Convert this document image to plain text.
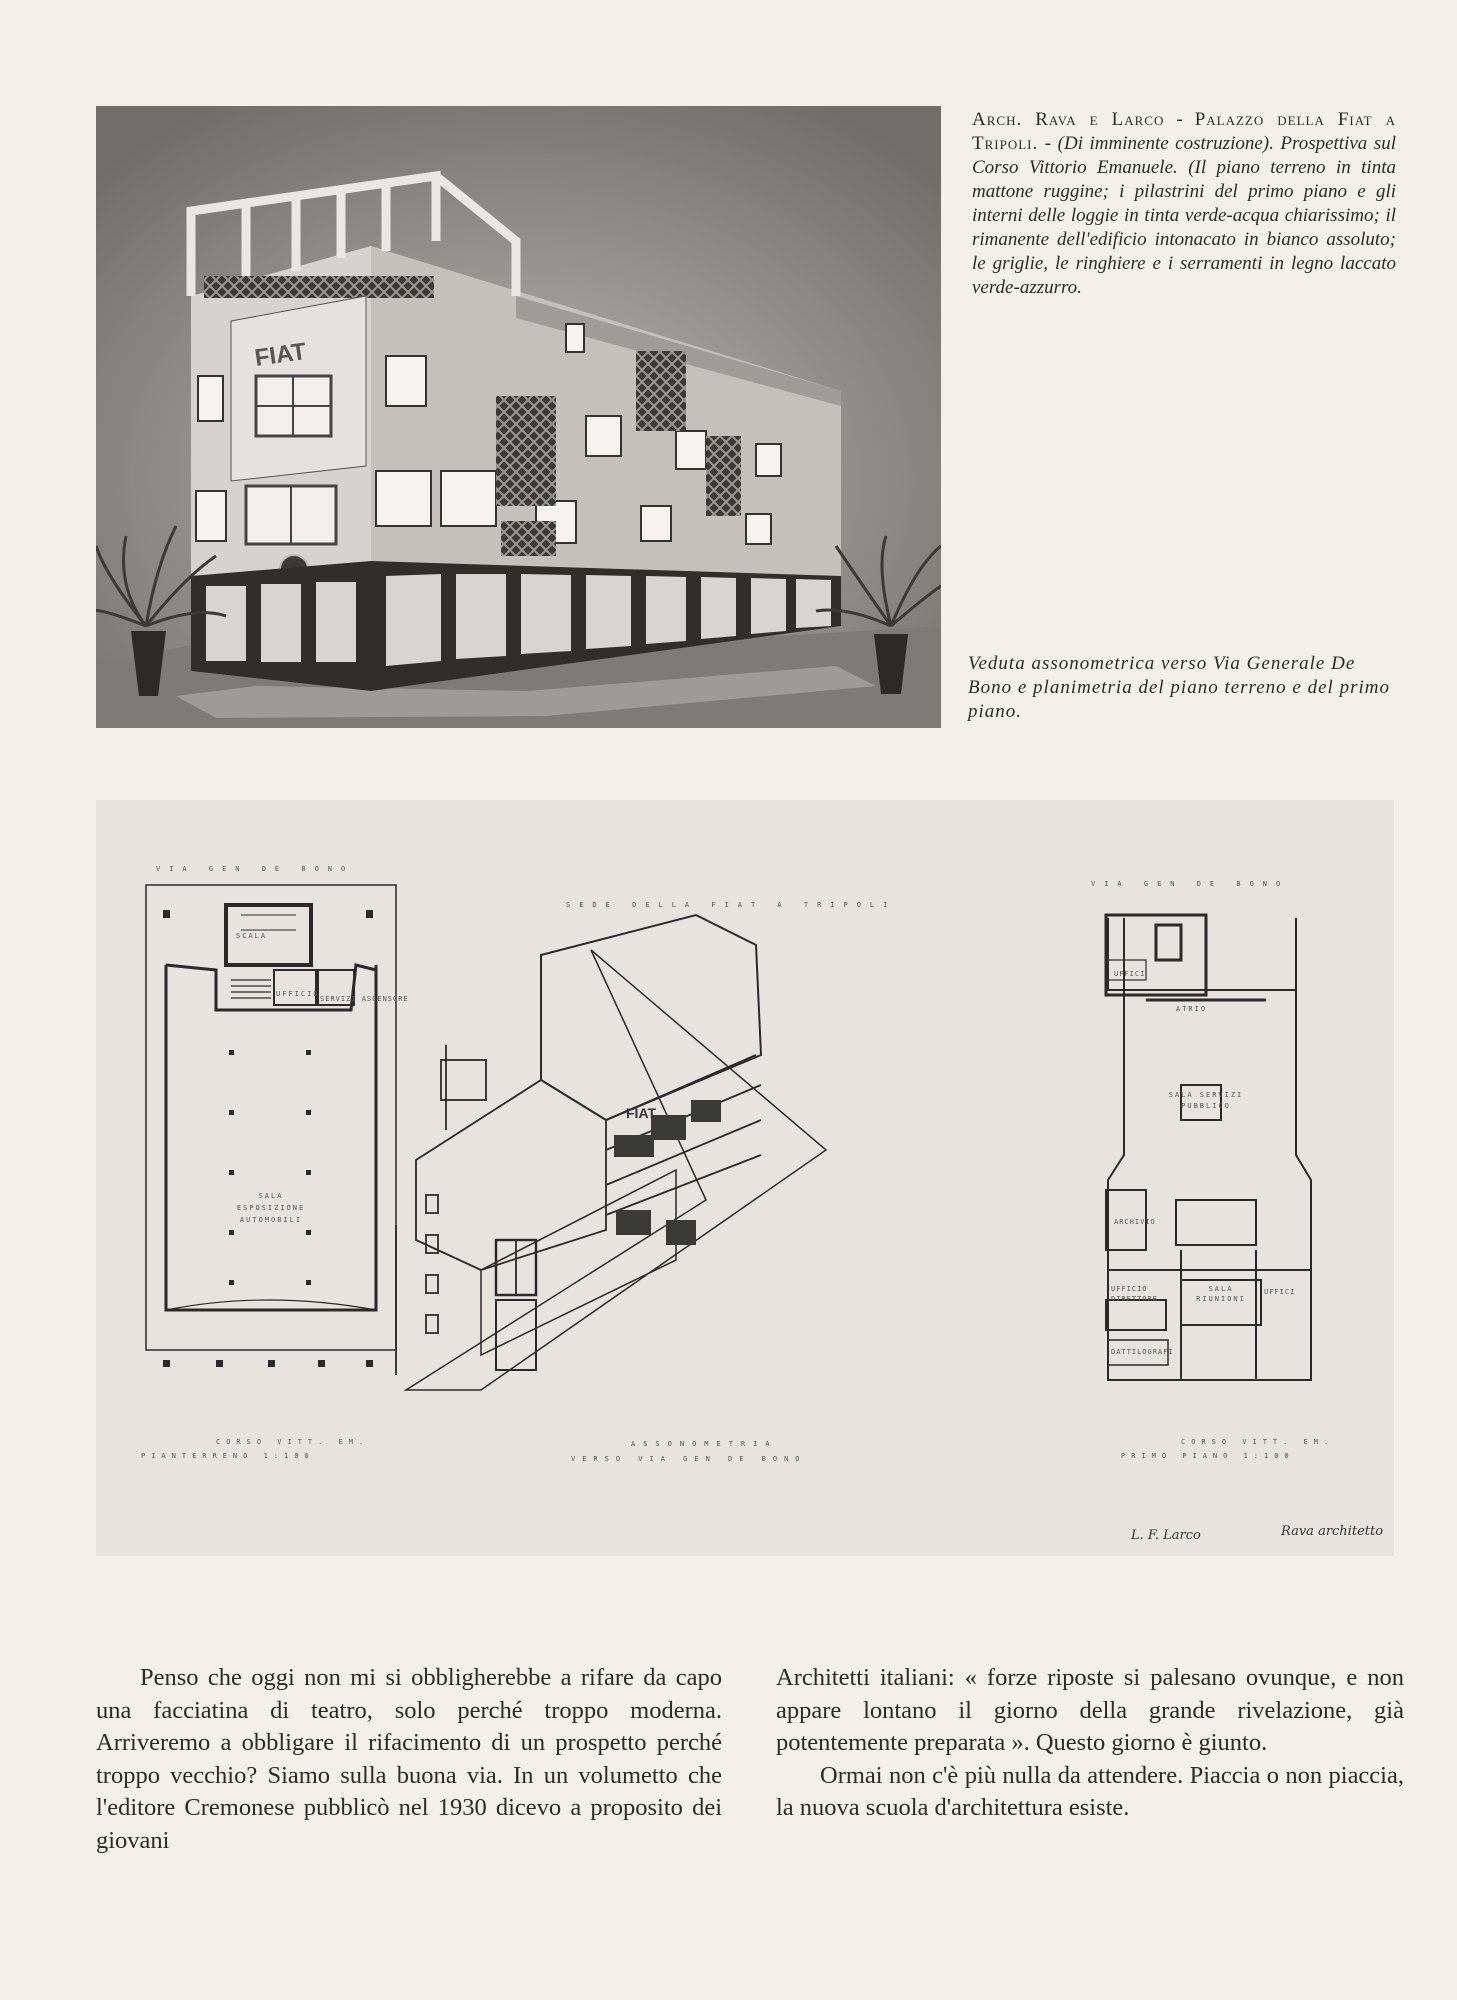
FIAT
Arch. Rava e Larco - Palazzo della Fiat a Tripoli. - (Di imminente costruzione). Prospettiva sul Corso Vittorio Emanuele. (Il piano terreno in tinta mattone ruggine; i pilastrini del primo piano e gli interni delle loggie in tinta verde-acqua chiarissimo; il rimanente dell'edificio intonacato in bianco assoluto; le griglie, le ringhiere e i serramenti in legno laccato verde-azzurro.
Veduta assonometrica verso Via Generale De Bono e planimetria del piano terreno e del primo piano.
VIA GEN DE BONO
SEDE DELLA FIAT A TRIPOLI
VIA GEN DE BONO
SCALA
UFFICIO
SERVIZI ASCENSORE
SALA ESPOSIZIONE AUTOMOBILI
CORSO VITT. EM.
PIANTERRENO 1:100
FIAT
ASSONOMETRIA
VERSO VIA GEN DE BONO
UFFICI
ATRIO
SALA SERVIZI PUBBLICO
ARCHIVIO
UFFICIO DIRETTORE
SALA RIUNIONI
UFFICI
DATTILOGRAFI
CORSO VITT. EM.
PRIMO PIANO 1:100
L. F. Larco	Rava architetto

Penso che oggi non mi si obbligherebbe a rifare da capo una facciatina di teatro, solo perché troppo moderna. Arriveremo a obbligare il rifacimento di un prospetto perché troppo vecchio? Siamo sulla buona via. In un volumetto che l'editore Cremonese pubblicò nel 1930 dicevo a proposito dei giovani

Architetti italiani: « forze riposte si palesano ovunque, e non appare lontano il giorno della grande rivelazione, già potentemente preparata ». Questo giorno è giunto.

Ormai non c'è più nulla da attendere. Piaccia o non piaccia, la nuova scuola d'architettura esiste.
